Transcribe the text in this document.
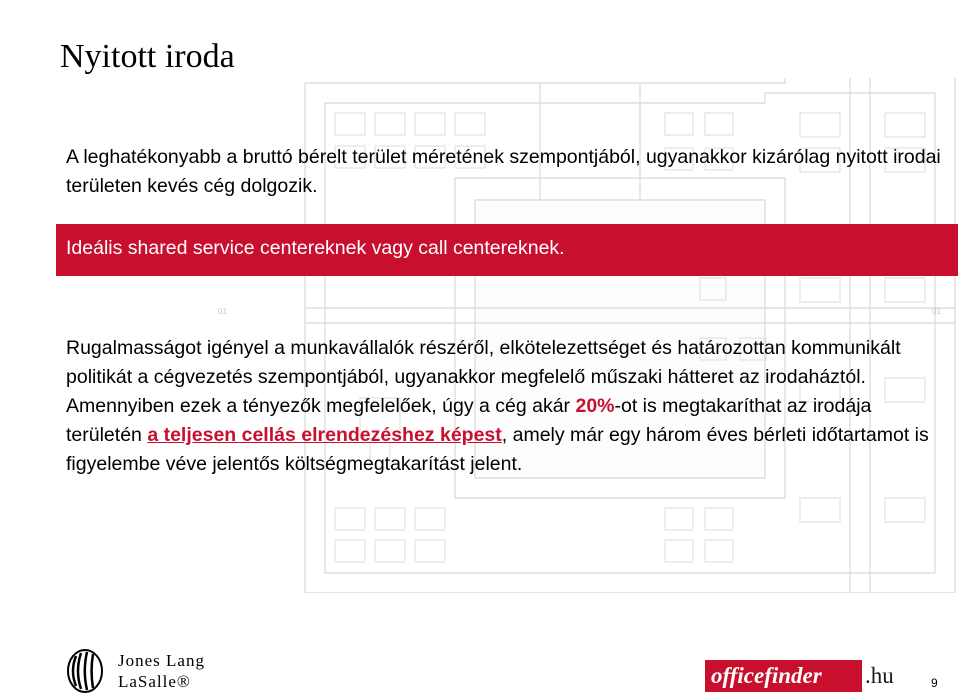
01	01
Nyitott iroda
A leghatékonyabb a bruttó bérelt terület méretének szempontjából, ugyanakkor kizárólag nyitott irodai területen kevés cég dolgozik.
Ideális shared service centereknek vagy call centereknek.

Rugalmasságot igényel a munkavállalók részéről, elkötelezettséget és határozottan kommunikált politikát a cégvezetés szempontjából, ugyanakkor megfelelő műszaki hátteret az irodaháztól.

Amennyiben ezek a tényezők megfelelőek, úgy a cég akár 20%-ot is megtakaríthat az irodája területén a teljesen cellás elrendezéshez képest, amely már egy három éves bérleti időtartamot is figyelembe véve jelentős költségmegtakarítást jelent.

Jones Lang
LaSalle®	officefinder .hu	9
